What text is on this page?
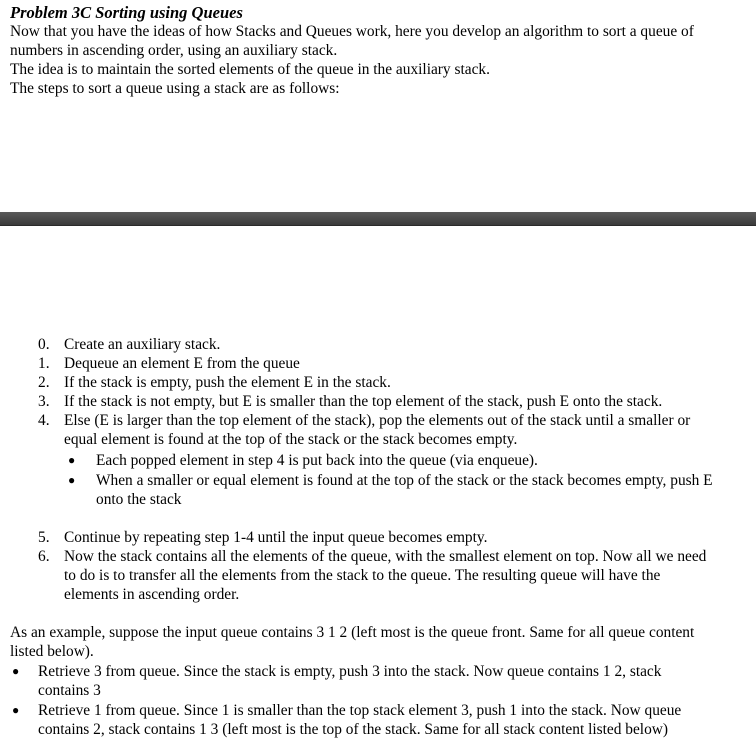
Problem 3C Sorting using Queues
Now that you have the ideas of how Stacks and Queues work, here you develop an algorithm to sort a queue of
numbers in ascending order, using an auxiliary stack.
The idea is to maintain the sorted elements of the queue in the auxiliary stack.
The steps to sort a queue using a stack are as follows:
0. Create an auxiliary stack.
1. Dequeue an element E from the queue
2. If the stack is empty, push the element E in the stack.
3. If the stack is not empty, but E is smaller than the top element of the stack, push E onto the stack.
4. Else (E is larger than the top element of the stack), pop the elements out of the stack until a smaller or
equal element is found at the top of the stack or the stack becomes empty.
● Each popped element in step 4 is put back into the queue (via enqueue).
● When a smaller or equal element is found at the top of the stack or the stack becomes empty, push E
onto the stack
5. Continue by repeating step 1-4 until the input queue becomes empty.
6. Now the stack contains all the elements of the queue, with the smallest element on top. Now all we need
to do is to transfer all the elements from the stack to the queue. The resulting queue will have the
elements in ascending order.
As an example, suppose the input queue contains 3 1 2 (left most is the queue front. Same for all queue content
listed below).
● Retrieve 3 from queue. Since the stack is empty, push 3 into the stack. Now queue contains 1 2, stack
contains 3
● Retrieve 1 from queue. Since 1 is smaller than the top stack element 3, push 1 into the stack. Now queue
contains 2, stack contains 1 3 (left most is the top of the stack. Same for all stack content listed below)
